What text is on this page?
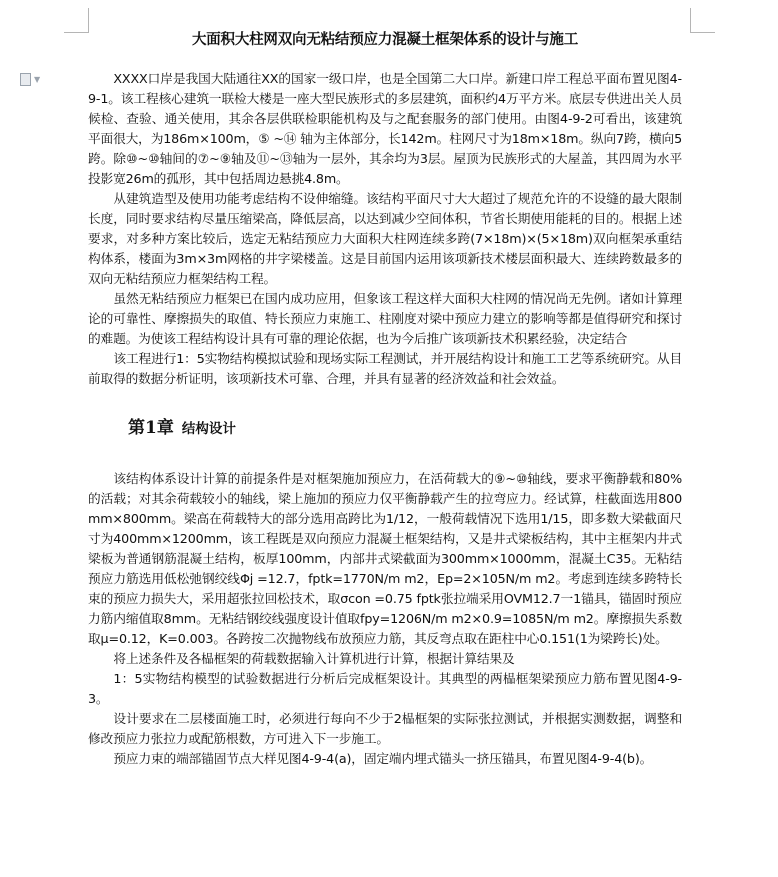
▼
大面积大柱网双向无粘结预应力混凝土框架体系的设计与施工

XXXX口岸是我国大陆通往XX的国家一级口岸，也是全国第二大口岸。新建口岸工程总平面布置见图4-9-1。该工程核心建筑一联检大楼是一座大型民族形式的多层建筑，面积约4万平方米。底层专供进出关人员候检、查验、通关使用，其余各层供联检职能机构及与之配套服务的部门使用。由图4-9-2可看出，该建筑平面很大，为186m×100m，⑤ ~⑭ 轴为主体部分，长142m。柱网尺寸为18m×18m。纵向7跨，横向5跨。除⑩~⑩轴间的⑦~⑨轴及⑪~⑬轴为一层外，其余均为3层。屋顶为民族形式的大屋盖，其四周为水平投影宽26m的孤形，其中包括周边悬挑4.8m。

从建筑造型及使用功能考虑结构不设伸缩缝。该结构平面尺寸大大超过了规范允许的不设缝的最大限制长度，同时要求结构尽量压缩梁高，降低层高，以达到减少空间体积，节省长期使用能耗的目的。根据上述要求，对多种方案比较后，选定无粘结预应力大面积大柱网连续多跨(7×18m)×(5×18m)双向框架承重结构体系，楼面为3m×3m网格的井字梁楼盖。这是目前国内运用该项新技术楼层面积最大、连续跨数最多的双向无粘结预应力框架结构工程。

虽然无粘结预应力框架已在国内成功应用，但象该工程这样大面积大柱网的情况尚无先例。诸如计算理论的可靠性、摩擦损失的取值、特长预应力束施工、柱刚度对梁中预应力建立的影响等都是值得研究和探讨的难题。为使该工程结构设计具有可靠的理论依据，也为今后推广该项新技术积累经验，决定结合

该工程进行1：5实物结构模拟试验和现场实际工程测试，并开展结构设计和施工工艺等系统研究。从目前取得的数据分析证明，该项新技术可靠、合理，并具有显著的经济效益和社会效益。

第1章 结构设计

该结构体系设计计算的前提条件是对框架施加预应力，在活荷载大的⑨~⑩轴线，要求平衡静载和80%的活载；对其余荷载较小的轴线，梁上施加的预应力仅平衡静载产生的拉弯应力。经试算，柱截面选用800mm×800mm。梁高在荷载特大的部分选用高跨比为1/12，一般荷载情况下选用1/15，即多数大梁截面尺寸为400mm×1200mm，该工程既是双向预应力混凝土框架结构，又是井式梁板结构，其中主框架内井式梁板为普通钢筋混凝土结构，板厚100mm，内部井式梁截面为300mm×1000mm，混凝土C35。无粘结预应力筋选用低松弛钢绞线Φj =12.7，fptk=1770N/m m2，Ep=2×105N/m m2。考虑到连续多跨特长束的预应力损失大，采用超张拉回松技术，取σcon =0.75 fptk张拉端采用OVM12.7一1锚具，锚固时预应力筋内缩值取8mm。无粘结钢绞线强度设计值取fpy=1206N/m m2×0.9=1085N/m m2。摩擦损失系数取μ=0.12，K=0.003。各跨按二次抛物线布放预应力筋，其反弯点取在距柱中心0.151(1为梁跨长)处。

将上述条件及各榀框架的荷载数据输入计算机进行计算，根据计算结果及

1：5实物结构模型的试验数据进行分析后完成框架设计。其典型的两榀框架梁预应力筋布置见图4-9-3。

设计要求在二层楼面施工时，必须进行每向不少于2榀框架的实际张拉测试，并根据实测数据，调整和修改预应力张拉力或配筋根数，方可进入下一步施工。

预应力束的端部锚固节点大样见图4-9-4(a)，固定端内埋式锚头一挤压锚具，布置见图4-9-4(b)。
